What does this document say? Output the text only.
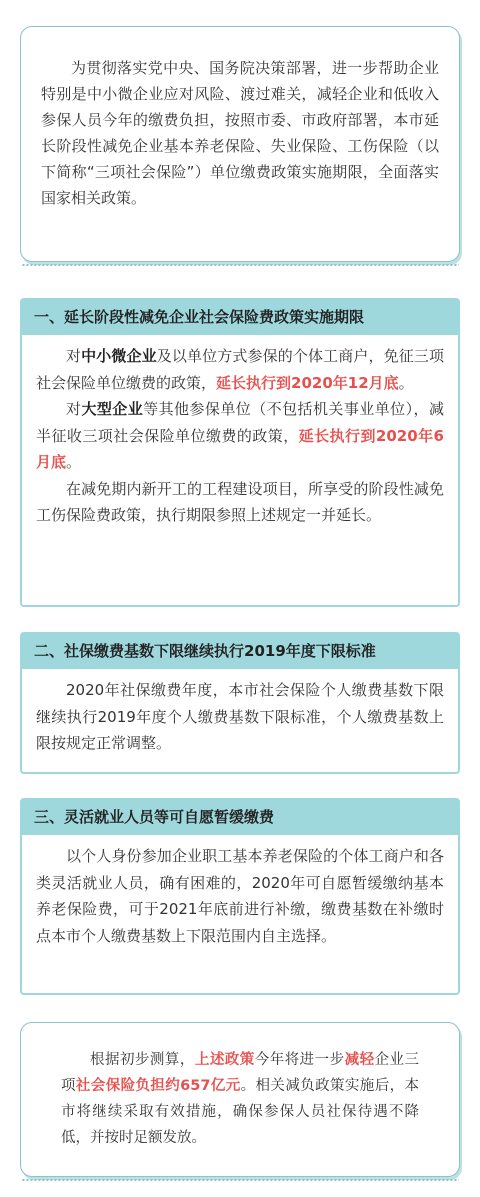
为贯彻落实党中央、国务院决策部署，进一步帮助企业特别是中小微企业应对风险、渡过难关，减轻企业和低收入参保人员今年的缴费负担，按照市委、市政府部署，本市延长阶段性减免企业基本养老保险、失业保险、工伤保险（以下简称“三项社会保险”）单位缴费政策实施期限，全面落实国家相关政策。

一、延长阶段性减免企业社会保险费政策实施期限

对中小微企业及以单位方式参保的个体工商户，免征三项社会保险单位缴费的政策，延长执行到2020年12月底。

对大型企业等其他参保单位（不包括机关事业单位），减半征收三项社会保险单位缴费的政策，延长执行到2020年6月底。

在减免期内新开工的工程建设项目，所享受的阶段性减免工伤保险费政策，执行期限参照上述规定一并延长。

二、社保缴费基数下限继续执行2019年度下限标准

2020年社保缴费年度，本市社会保险个人缴费基数下限继续执行2019年度个人缴费基数下限标准，个人缴费基数上限按规定正常调整。

三、灵活就业人员等可自愿暂缓缴费

以个人身份参加企业职工基本养老保险的个体工商户和各类灵活就业人员，确有困难的，2020年可自愿暂缓缴纳基本养老保险费，可于2021年底前进行补缴，缴费基数在补缴时点本市个人缴费基数上下限范围内自主选择。

根据初步测算，上述政策今年将进一步减轻企业三项社会保险负担约657亿元。相关减负政策实施后，本市将继续采取有效措施，确保参保人员社保待遇不降低，并按时足额发放。
